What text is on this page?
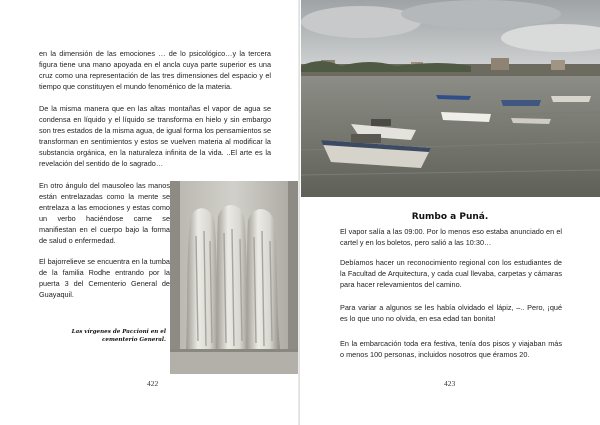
en la dimensión de las emociones … de lo psicológico…y la tercera figura tiene una mano apoyada en el ancla cuya parte superior es una cruz como una representación de las tres dimensiones del espacio y el tiempo que constituyen el mundo fenoménico de la materia.

De la misma manera que en las altas montañas el vapor de agua se condensa en líquido y el líquido se transforma en hielo y sin embargo son tres estados de la misma agua, de igual forma los pensamientos se transforman en sentimientos y estos se vuelven materia al modificar la substancia orgánica, en la naturaleza infinita de la vida. ..El arte es la revelación del sentido de lo sagrado…

En otro ángulo del mausoleo las manos están entrelazadas como la mente se entrelaza a las emociones y estas como un verbo haciéndose carne se manifiestan en el cuerpo bajo la forma de salud o enfermedad.

El bajorrelieve se encuentra en la tumba de la familia Rodhe entrando por la puerta 3 del Cementerio General de Guayaquil.

Las vírgenes de Paccioni en el cementerio General.
422
Rumbo a Puná.

El vapor salía a las 09:00. Por lo menos eso estaba anunciado en el cartel y en los boletos, pero salió a las 10:30…

Debíamos hacer un reconocimiento regional con los estudiantes de la Facultad de Arquitectura, y cada cual llevaba, carpetas y cámaras para hacer relevamientos del camino.

Para variar a algunos se les había olvidado el lápiz, –.. Pero, ¡qué es lo que uno no olvida, en esa edad tan bonita!

En la embarcación toda era festiva, tenía dos pisos y viajaban más o menos 100 personas, incluidos nosotros que éramos 20.

423
